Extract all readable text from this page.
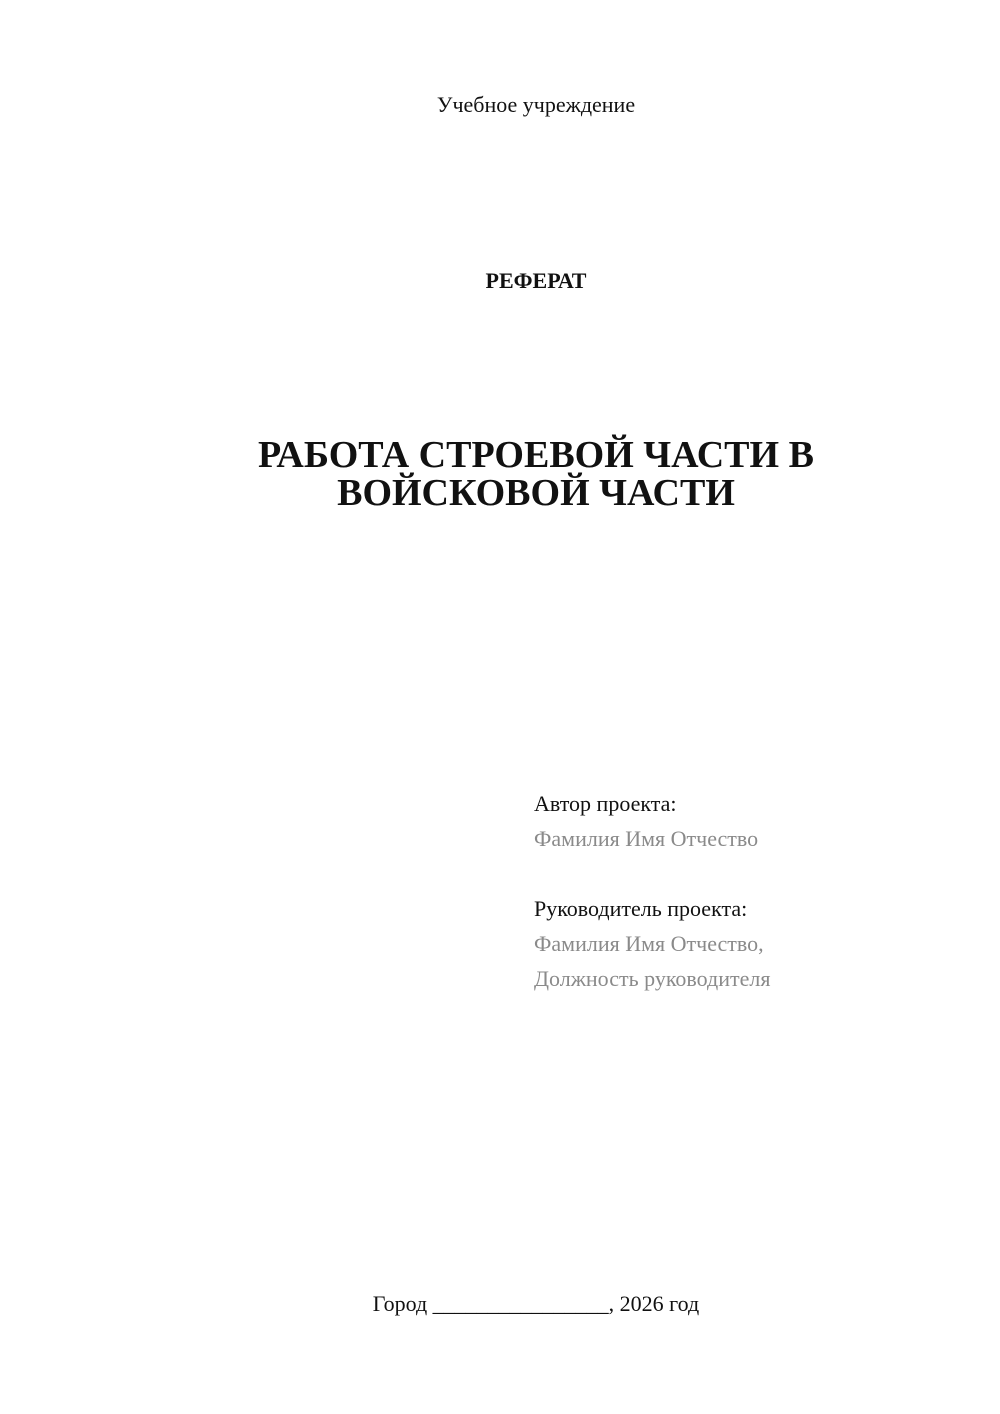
Учебное учреждение
РЕФЕРАТ
РАБОТА СТРОЕВОЙ ЧАСТИ В
ВОЙСКОВОЙ ЧАСТИ
Автор проекта:
Фамилия Имя Отчество
Руководитель проекта:
Фамилия Имя Отчество,
Должность руководителя
Город ________________, 2026 год
